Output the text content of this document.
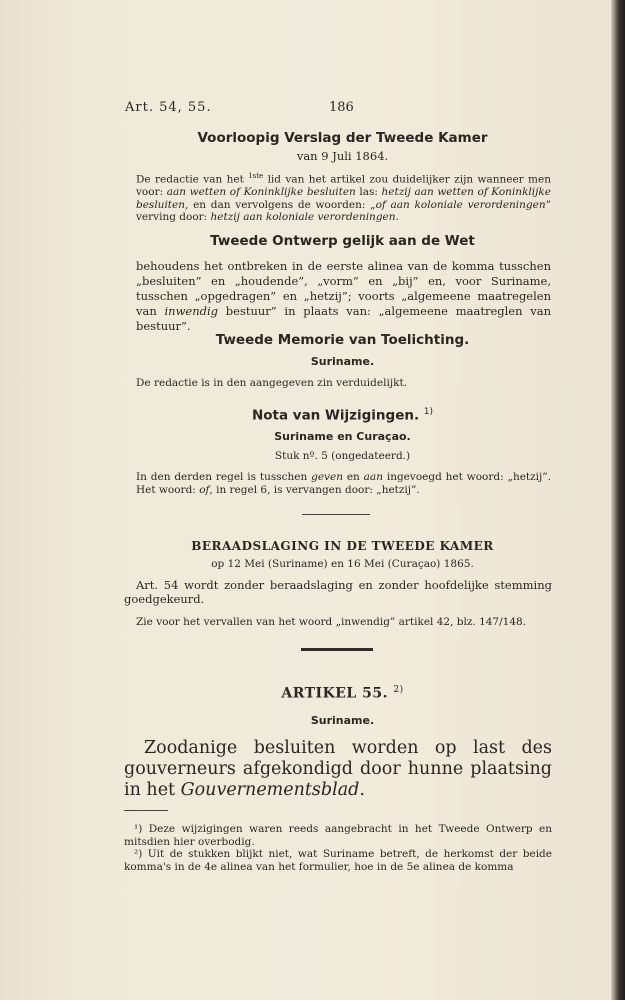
Art. 54, 55.	186
Voorloopig Verslag der Tweede Kamer
van 9 Juli 1864.
De redactie van het $^{1ste}$ lid van het artikel zou duidelijker zijn wanneer men voor: aan wetten of Koninklijke besluiten las: hetzij aan wetten of Koninklijke besluiten, en dan vervolgens de woorden: „of aan koloniale verordeningen” verving door: hetzij aan koloniale verordeningen.
Tweede Ontwerp gelijk aan de Wet
behoudens het ontbreken in de eerste alinea van de komma tusschen „besluiten” en „houdende”, „vorm” en „bij” en, voor Suriname, tusschen „opgedragen” en „hetzij”; voorts „algemeene maatregelen van inwendig bestuur” in plaats van: „algemeene maatreglen van bestuur”.
Tweede Memorie van Toelichting.
Suriname.
De redactie is in den aangegeven zin verduidelijkt.
Nota van Wijzigingen. $^{1)}$
Suriname en Curaçao.
Stuk nº. 5 (ongedateerd.)
In den derden regel is tusschen geven en aan ingevoegd het woord: „hetzij”. Het woord: of, in regel 6, is vervangen door: „hetzij”.
BERAADSLAGING IN DE TWEEDE KAMER
op 12 Mei (Suriname) en 16 Mei (Curaçao) 1865.
Art. 54 wordt zonder beraadslaging en zonder hoofdelijke stemming goedgekeurd.
Zie voor het vervallen van het woord „inwendig” artikel 42, blz. 147/148.
ARTIKEL 55. $^{2)}$
Suriname.
Zoodanige besluiten worden op last des gouverneurs afgekondigd door hunne plaatsing in het Gouvernementsblad.
¹) Deze wijzigingen waren reeds aangebracht in het Tweede Ontwerp en mitsdien hier overbodig.
²) Uit de stukken blijkt niet, wat Suriname betreft, de herkomst der beide komma's in de 4e alinea van het formulier, hoe in de 5e alinea de komma
